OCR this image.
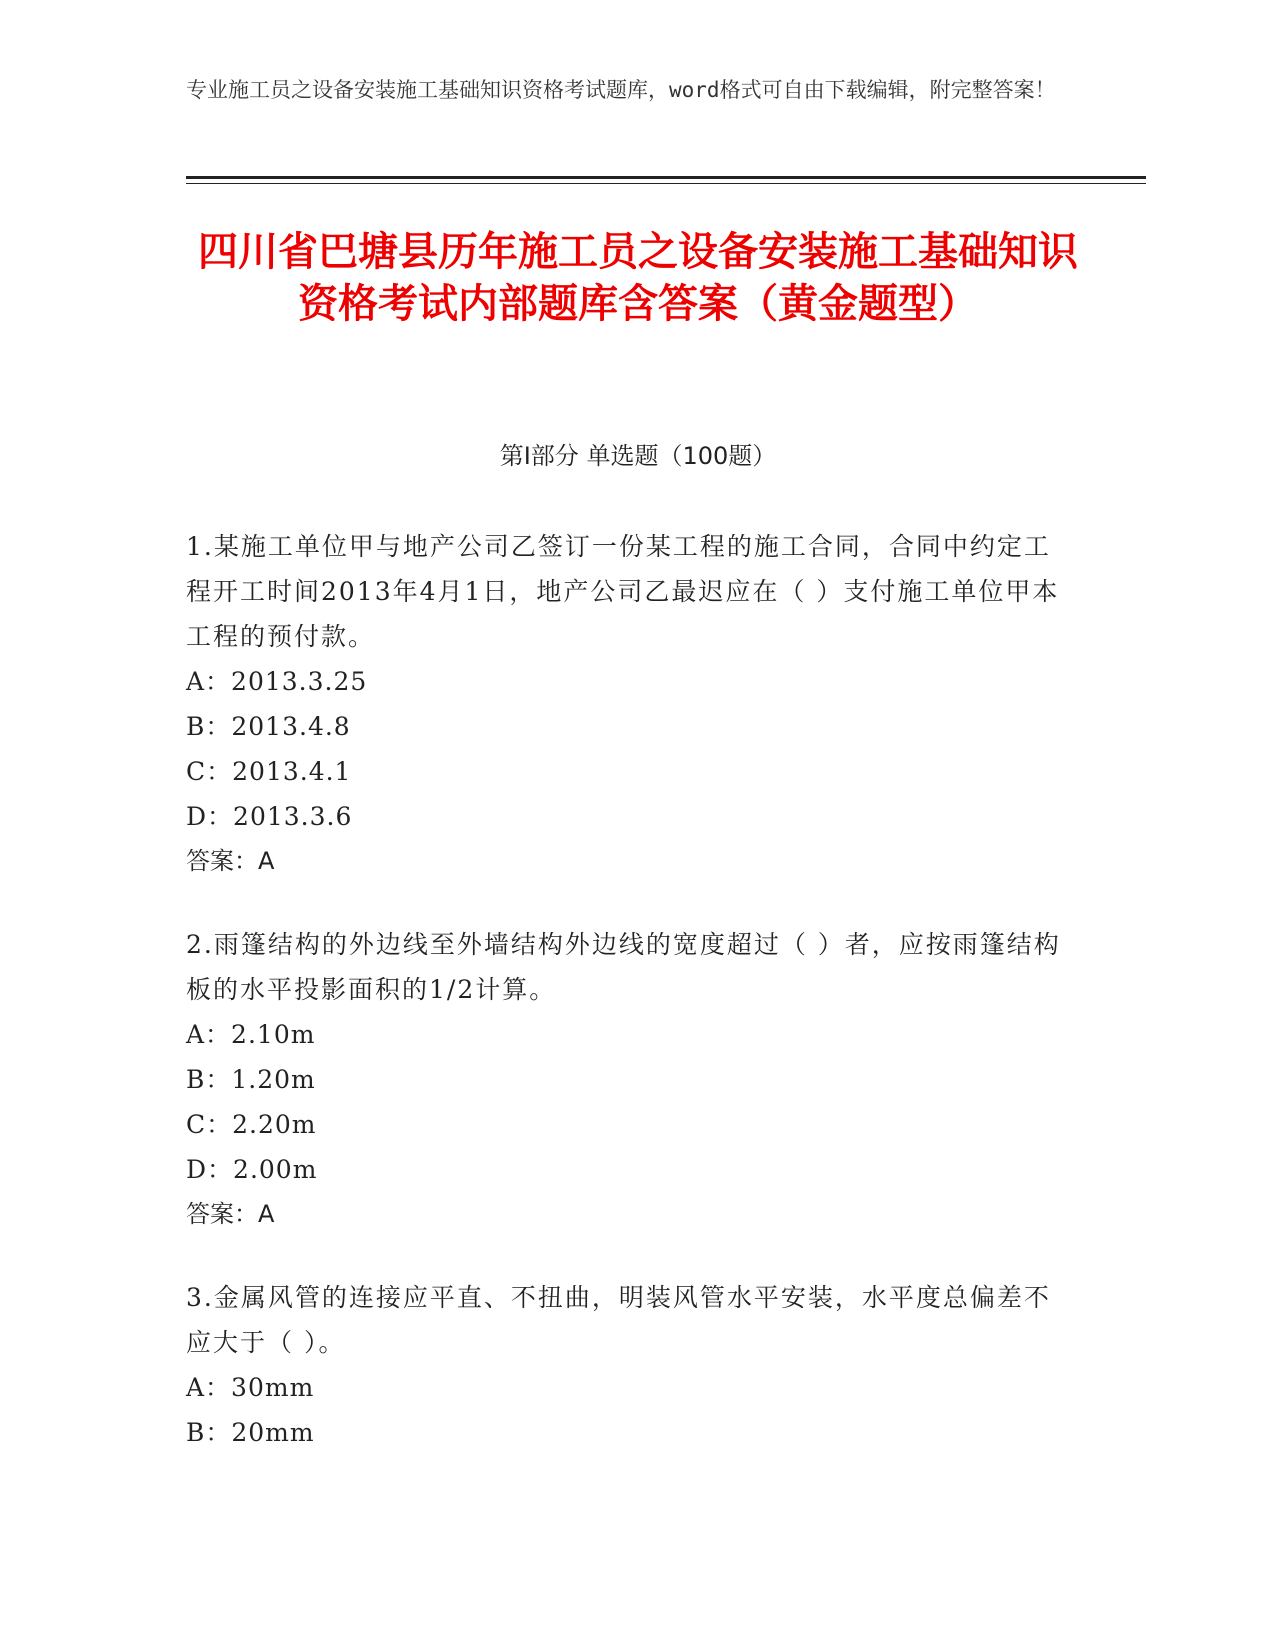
专业施工员之设备安装施工基础知识资格考试题库，word格式可自由下载编辑，附完整答案！
四川省巴塘县历年施工员之设备安装施工基础知识资格考试内部题库含答案（黄金题型）
第I部分 单选题（100题）

1.某施工单位甲与地产公司乙签订一份某工程的施工合同，合同中约定工程开工时间2013年4月1日，地产公司乙最迟应在（ ）支付施工单位甲本工程的预付款。

A：2013.3.25

B：2013.4.8

C：2013.4.1

D：2013.3.6

答案：A

2.雨篷结构的外边线至外墙结构外边线的宽度超过（ ）者，应按雨篷结构板的水平投影面积的1/2计算。

A：2.10m

B：1.20m

C：2.20m

D：2.00m

答案：A

3.金属风管的连接应平直、不扭曲，明装风管水平安装，水平度总偏差不应大于（ ）。

A：30mm

B：20mm
